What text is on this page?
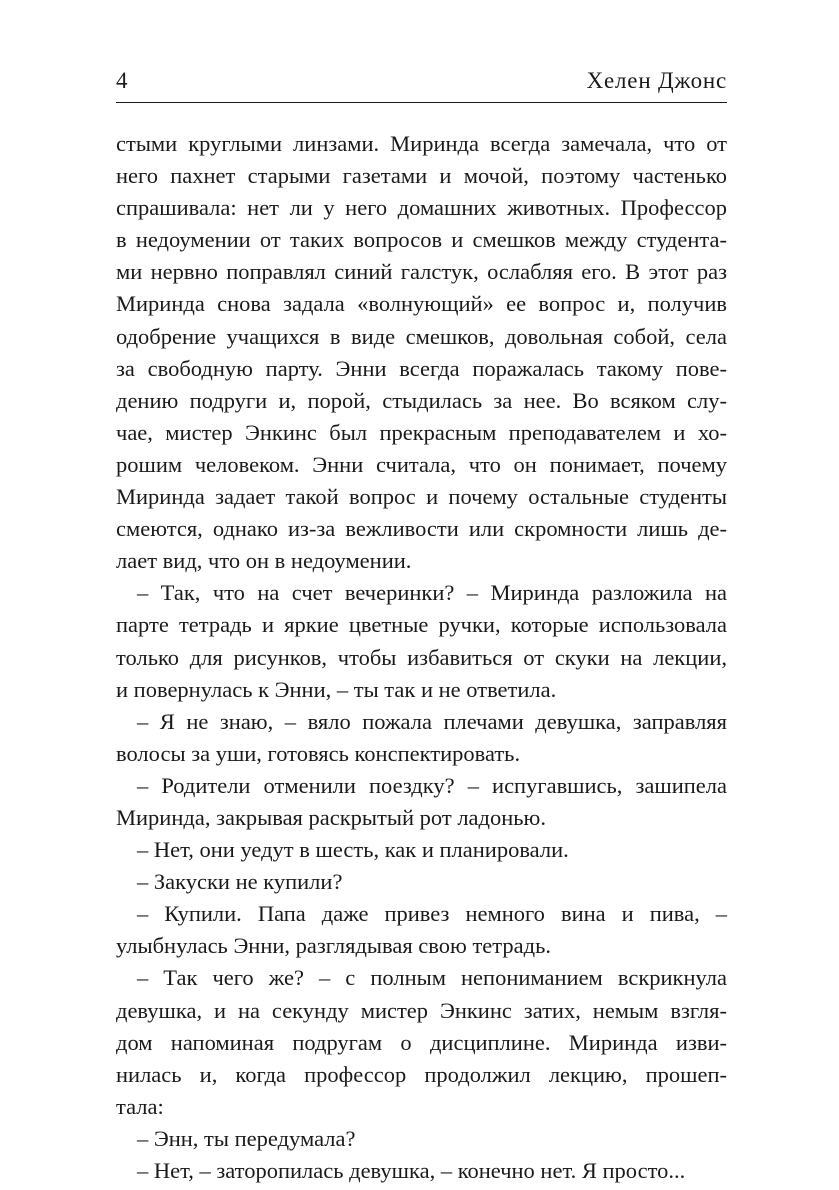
4	Хелен Джонс
стыми круглыми линзами. Миринда всегда замечала, что от
него пахнет старыми газетами и мочой, поэтому частенько
спрашивала: нет ли у него домашних животных. Профессор
в недоумении от таких вопросов и смешков между студента-
ми нервно поправлял синий галстук, ослабляя его. В этот раз
Миринда снова задала «волнующий» ее вопрос и, получив
одобрение учащихся в виде смешков, довольная собой, села
за свободную парту. Энни всегда поражалась такому пове-
дению подруги и, порой, стыдилась за нее. Во всяком слу-
чае, мистер Энкинс был прекрасным преподавателем и хо-
рошим человеком. Энни считала, что он понимает, почему
Миринда задает такой вопрос и почему остальные студенты
смеются, однако из-за вежливости или скромности лишь де-
лает вид, что он в недоумении.
– Так, что на счет вечеринки? – Миринда разложила на
парте тетрадь и яркие цветные ручки, которые использовала
только для рисунков, чтобы избавиться от скуки на лекции,
и повернулась к Энни, – ты так и не ответила.
– Я не знаю, – вяло пожала плечами девушка, заправляя
волосы за уши, готовясь конспектировать.
– Родители отменили поездку? – испугавшись, зашипела
Миринда, закрывая раскрытый рот ладонью.
– Нет, они уедут в шесть, как и планировали.
– Закуски не купили?
– Купили. Папа даже привез немного вина и пива, –
улыбнулась Энни, разглядывая свою тетрадь.
– Так чего же? – с полным непониманием вскрикнула
девушка, и на секунду мистер Энкинс затих, немым взгля-
дом напоминая подругам о дисциплине. Миринда изви-
нилась и, когда профессор продолжил лекцию, прошеп-
тала:
– Энн, ты передумала?
– Нет, – заторопилась девушка, – конечно нет. Я просто...
